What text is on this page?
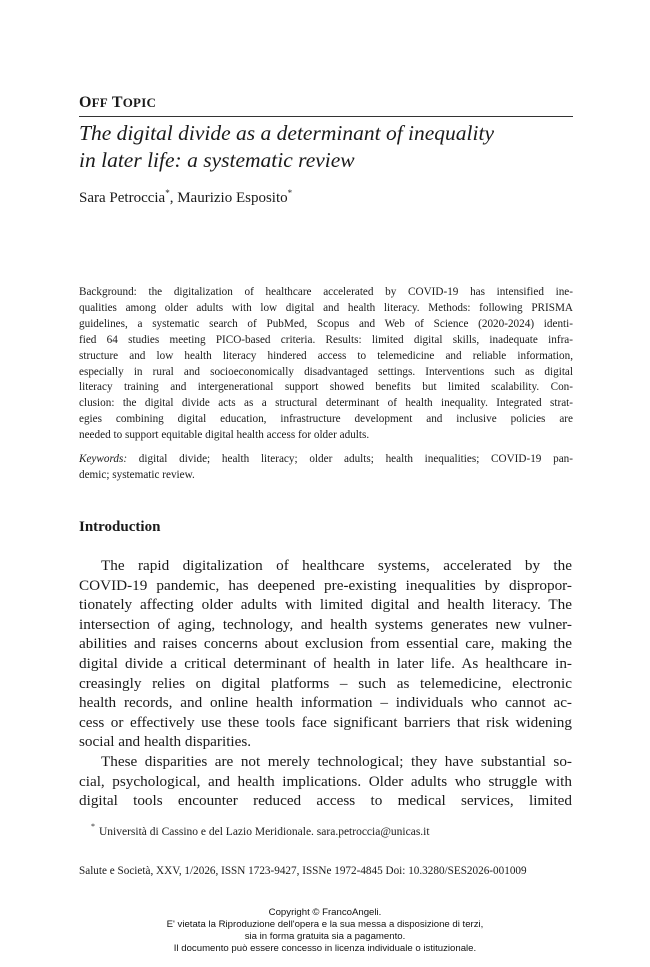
OFF TOPIC
The digital divide as a determinant of inequality
in later life: a systematic review
Sara Petroccia*, Maurizio Esposito*
Background: the digitalization of healthcare accelerated by COVID-19 has intensified ine-
qualities among older adults with low digital and health literacy. Methods: following PRISMA
guidelines, a systematic search of PubMed, Scopus and Web of Science (2020-2024) identi-
fied 64 studies meeting PICO-based criteria. Results: limited digital skills, inadequate infra-
structure and low health literacy hindered access to telemedicine and reliable information,
especially in rural and socioeconomically disadvantaged settings. Interventions such as digital
literacy training and intergenerational support showed benefits but limited scalability. Con-
clusion: the digital divide acts as a structural determinant of health inequality. Integrated strat-
egies combining digital education, infrastructure development and inclusive policies are
needed to support equitable digital health access for older adults.
Keywords: digital divide; health literacy; older adults; health inequalities; COVID-19 pan-
demic; systematic review.
Introduction
The rapid digitalization of healthcare systems, accelerated by the
COVID-19 pandemic, has deepened pre-existing inequalities by dispropor-
tionately affecting older adults with limited digital and health literacy. The
intersection of aging, technology, and health systems generates new vulner-
abilities and raises concerns about exclusion from essential care, making the
digital divide a critical determinant of health in later life. As healthcare in-
creasingly relies on digital platforms – such as telemedicine, electronic
health records, and online health information – individuals who cannot ac-
cess or effectively use these tools face significant barriers that risk widening
social and health disparities.
These disparities are not merely technological; they have substantial so-
cial, psychological, and health implications. Older adults who struggle with
digital tools encounter reduced access to medical services, limited
* Università di Cassino e del Lazio Meridionale. sara.petroccia@unicas.it
Salute e Società, XXV, 1/2026, ISSN 1723-9427, ISSNe 1972-4845 Doi: 10.3280/SES2026-001009
Copyright © FrancoAngeli.
E' vietata la Riproduzione dell'opera e la sua messa a disposizione di terzi,
sia in forma gratuita sia a pagamento.
Il documento può essere concesso in licenza individuale o istituzionale.
